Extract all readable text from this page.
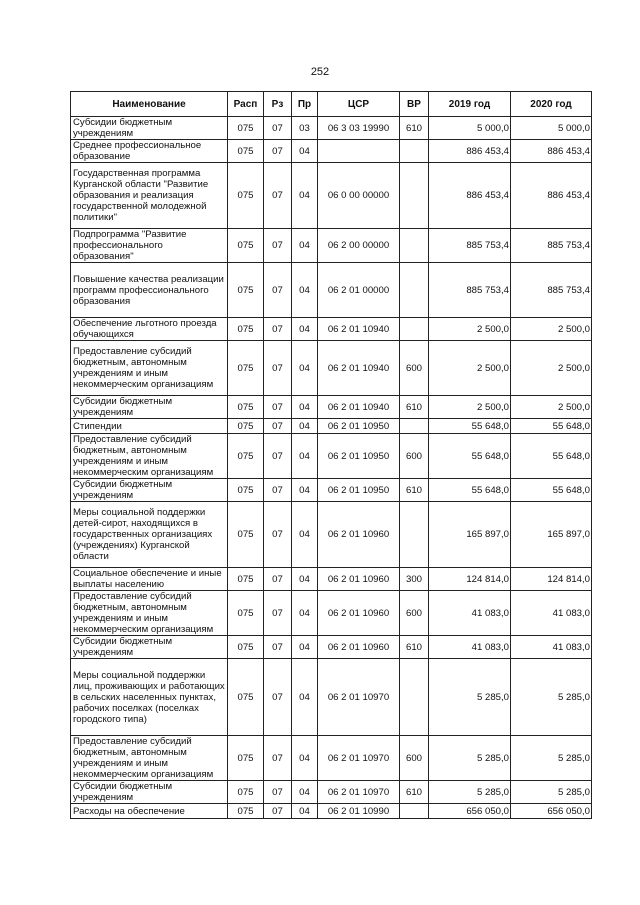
252
Наименование	Расп	Рз	Пр	ЦСР	ВР	2019 год	2020 год
Субсидии бюджетным учреждениям	075	07	03	06 3 03 19990	610	5 000,0	5 000,0
Среднее профессиональное образование	075	07	04			886 453,4	886 453,4
Государственная программа Курганской области "Развитие образования и реализация государственной молодежной политики"	075	07	04	06 0 00 00000		886 453,4	886 453,4
Подпрограмма "Развитие профессионального образования"	075	07	04	06 2 00 00000		885 753,4	885 753,4
Повышение качества реализации программ профессионального образования	075	07	04	06 2 01 00000		885 753,4	885 753,4
Обеспечение льготного проезда обучающихся	075	07	04	06 2 01 10940		2 500,0	2 500,0
Предоставление субсидий бюджетным, автономным учреждениям и иным некоммерческим организациям	075	07	04	06 2 01 10940	600	2 500,0	2 500,0
Субсидии бюджетным учреждениям	075	07	04	06 2 01 10940	610	2 500,0	2 500,0
Стипендии	075	07	04	06 2 01 10950		55 648,0	55 648,0
Предоставление субсидий бюджетным, автономным учреждениям и иным некоммерческим организациям	075	07	04	06 2 01 10950	600	55 648,0	55 648,0
Субсидии бюджетным учреждениям	075	07	04	06 2 01 10950	610	55 648,0	55 648,0
Меры социальной поддержки детей-сирот, находящихся в государственных организациях (учреждениях) Курганской области	075	07	04	06 2 01 10960		165 897,0	165 897,0
Социальное обеспечение и иные выплаты населению	075	07	04	06 2 01 10960	300	124 814,0	124 814,0
Предоставление субсидий бюджетным, автономным учреждениям и иным некоммерческим организациям	075	07	04	06 2 01 10960	600	41 083,0	41 083,0
Субсидии бюджетным учреждениям	075	07	04	06 2 01 10960	610	41 083,0	41 083,0
Меры социальной поддержки лиц, проживающих и работающих в сельских населенных пунктах, рабочих поселках (поселках городского типа)	075	07	04	06 2 01 10970		5 285,0	5 285,0
Предоставление субсидий бюджетным, автономным учреждениям и иным некоммерческим организациям	075	07	04	06 2 01 10970	600	5 285,0	5 285,0
Субсидии бюджетным учреждениям	075	07	04	06 2 01 10970	610	5 285,0	5 285,0
Расходы на обеспечение	075	07	04	06 2 01 10990		656 050,0	656 050,0
